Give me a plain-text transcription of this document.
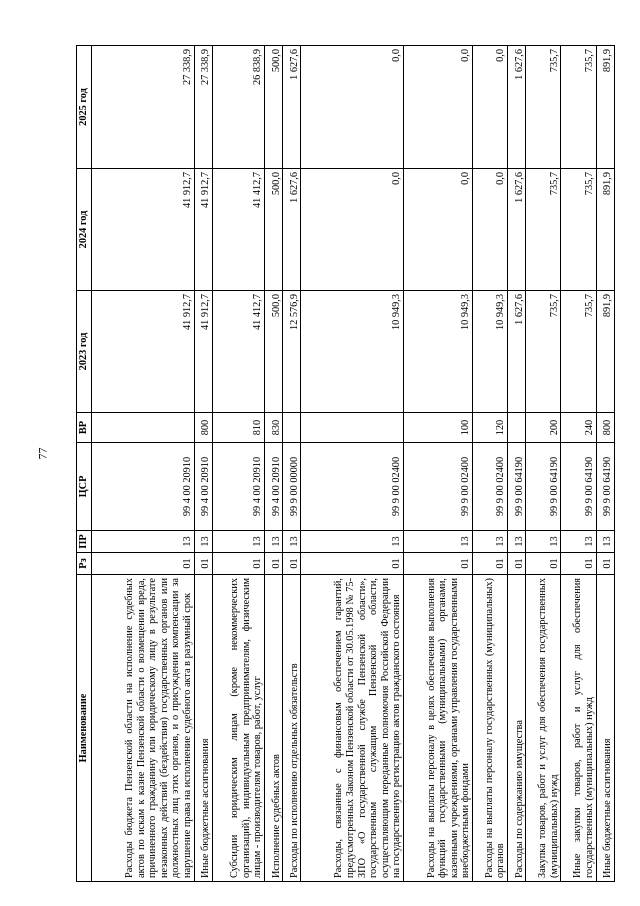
77
Наименование	Рз	ПР	ЦСР	ВР	2023 год	2024 год	2025 год
Расходы бюджета Пензенской области на исполнение судебных актов по искам к казне Пензенской области о возмещении вреда, причиненного гражданину или юридическому лицу в результате незаконных действий (бездействия) государственных органов или должностных лиц этих органов, и о присуждении компенсации за нарушение права на исполнение судебного акта в разумный срок	01	13	99 4 00 20910		41 912,7	41 912,7	27 338,9
Иные бюджетные ассигнования	01	13	99 4 00 20910	800	41 912,7	41 912,7	27 338,9
Субсидии юридическим лицам (кроме некоммерческих организаций), индивидуальным предпринимателям, физическим лицам - производителям товаров, работ, услуг	01	13	99 4 00 20910	810	41 412,7	41 412,7	26 838,9
Исполнение судебных актов	01	13	99 4 00 20910	830	500,0	500,0	500,0
Расходы по исполнению отдельных обязательств	01	13	99 9 00 00000		12 576,9	1 627,6	1 627,6
Расходы, связанные с финансовым обеспечением гарантий, предусмотренных Законом Пензенской области от 30.05.1998 № 75-ЗПО «О государственной службе Пензенской области», государственным служащим Пензенской области, осуществляющим переданные полномочия Российской Федерации на государственную регистрацию актов гражданского состояния	01	13	99 9 00 02400		10 949,3	0,0	0,0
Расходы на выплаты персоналу в целях обеспечения выполнения функций государственными (муниципальными) органами, казенными учреждениями, органами управления государственными внебюджетными фондами	01	13	99 9 00 02400	100	10 949,3	0,0	0,0
Расходы на выплаты персоналу государственных (муниципальных) органов	01	13	99 9 00 02400	120	10 949,3	0,0	0,0
Расходы по содержанию имущества	01	13	99 9 00 64190		1 627,6	1 627,6	1 627,6
Закупка товаров, работ и услуг для обеспечения государственных (муниципальных) нужд	01	13	99 9 00 64190	200	735,7	735,7	735,7
Иные закупки товаров, работ и услуг для обеспечения государственных (муниципальных) нужд	01	13	99 9 00 64190	240	735,7	735,7	735,7
Иные бюджетные ассигнования	01	13	99 9 00 64190	800	891,9	891,9	891,9
